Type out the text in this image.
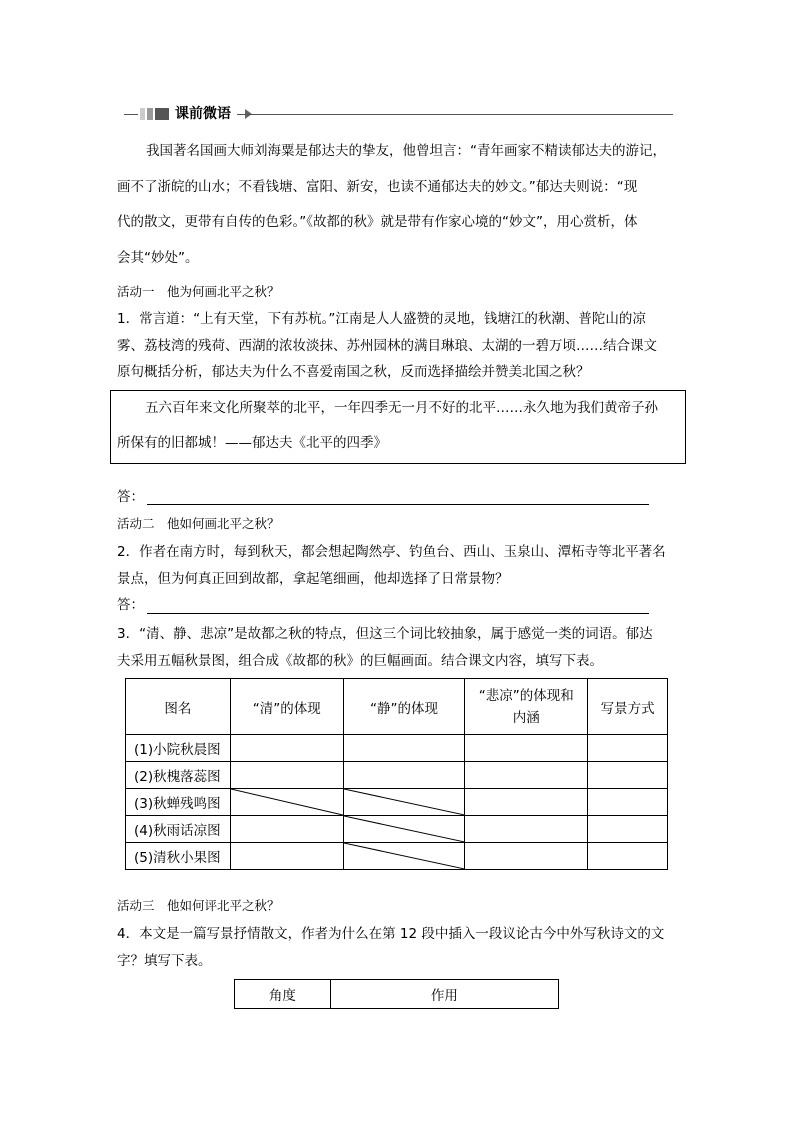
课前微语
我国著名国画大师刘海粟是郁达夫的挚友，他曾坦言：“青年画家不精读郁达夫的游记，
画不了浙皖的山水；不看钱塘、富阳、新安，也读不通郁达夫的妙文。”郁达夫则说：“现
代的散文，更带有自传的色彩。”《故都的秋》就是带有作家心境的“妙文”，用心赏析，体
会其“妙处”。
活动一　他为何画北平之秋？
1．常言道：“上有天堂，下有苏杭。”江南是人人盛赞的灵地，钱塘江的秋潮、普陀山的凉
雾、荔枝湾的残荷、西湖的浓妆淡抹、苏州园林的满目琳琅、太湖的一碧万顷……结合课文
原句概括分析，郁达夫为什么不喜爱南国之秋，反而选择描绘并赞美北国之秋？
五六百年来文化所聚萃的北平，一年四季无一月不好的北平……永久地为我们黄帝子孙
所保有的旧都城！——郁达夫《北平的四季》
答：
活动二　他如何画北平之秋？
2．作者在南方时，每到秋天，都会想起陶然亭、钓鱼台、西山、玉泉山、潭柘寺等北平著名
景点，但为何真正回到故都，拿起笔细画，他却选择了日常景物？
答：
3．“清、静、悲凉”是故都之秋的特点，但这三个词比较抽象，属于感觉一类的词语。郁达
夫采用五幅秋景图，组合成《故都的秋》的巨幅画面。结合课文内容，填写下表。
图名	“清”的体现	“静”的体现	“悲凉”的体现和
内涵	写景方式
(1)小院秋晨图				
(2)秋槐落蕊图				
(3)秋蝉残鸣图	

(4)秋雨话凉图		

(5)清秋小果图		

活动三　他如何评北平之秋？
4．本文是一篇写景抒情散文，作者为什么在第 12 段中插入一段议论古今中外写秋诗文的文
字？填写下表。
角度	作用
